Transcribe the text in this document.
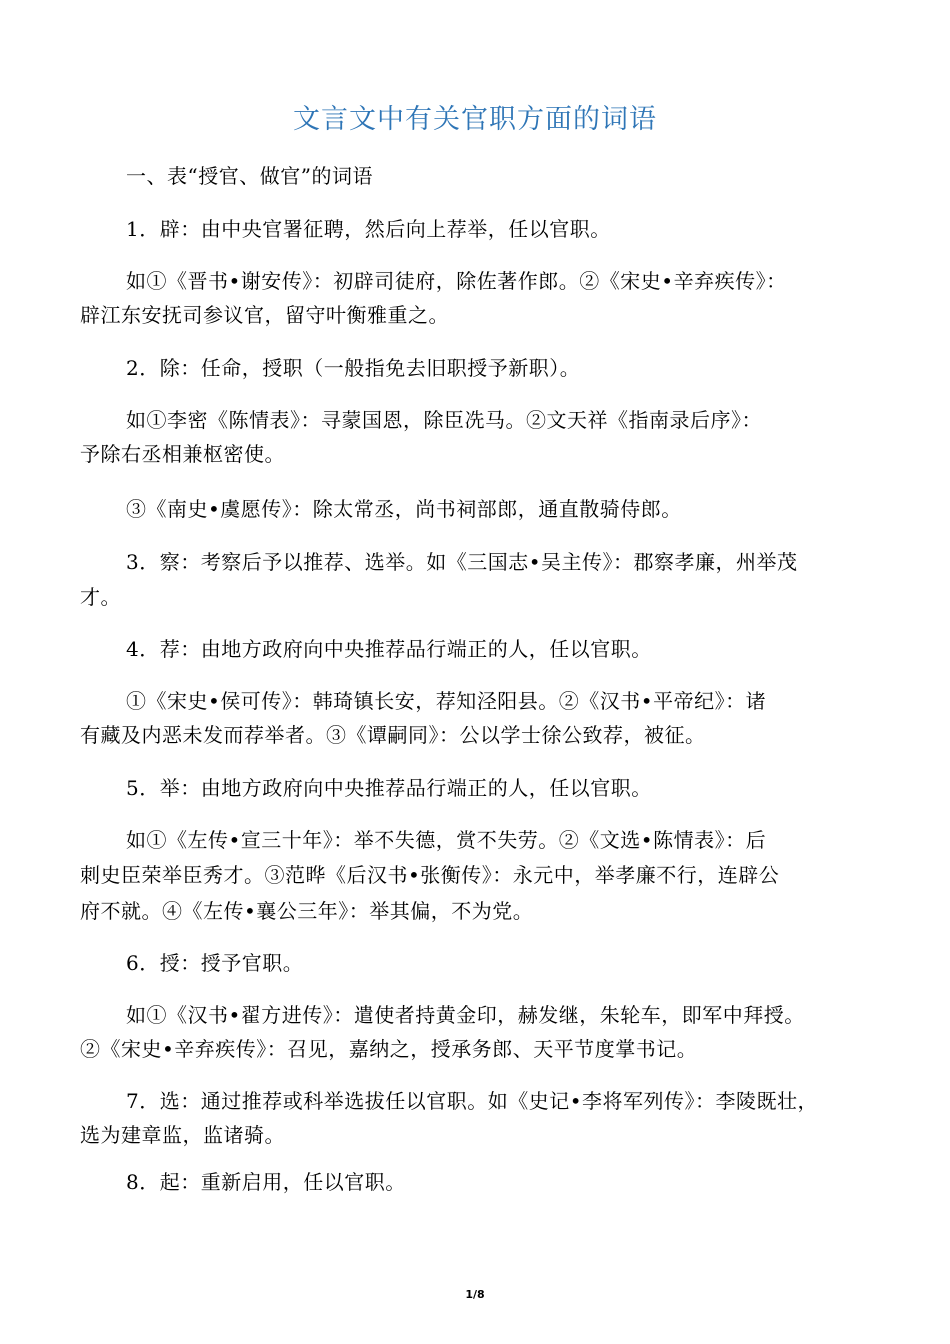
文言文中有关官职方面的词语
一、表“授官、做官”的词语
1．辟：由中央官署征聘，然后向上荐举，任以官职。
如①《晋书•谢安传》：初辟司徒府，除佐著作郎。②《宋史•辛弃疾传》：
辟江东安抚司参议官，留守叶衡雅重之。
2．除：任命，授职（一般指免去旧职授予新职）。
如①李密《陈情表》：寻蒙国恩，除臣冼马。②文天祥《指南录后序》：
予除右丞相兼枢密使。
③《南史•虞愿传》：除太常丞，尚书祠部郎，通直散骑侍郎。
3．察：考察后予以推荐、选举。如《三国志•吴主传》：郡察孝廉，州举茂
才。
4．荐：由地方政府向中央推荐品行端正的人，任以官职。
①《宋史•侯可传》：韩琦镇长安，荐知泾阳县。②《汉书•平帝纪》：诸
有藏及内恶未发而荐举者。③《谭嗣同》：公以学士徐公致荐，被征。
5．举：由地方政府向中央推荐品行端正的人，任以官职。
如①《左传•宣三十年》：举不失德，赏不失劳。②《文选•陈情表》：后
刺史臣荣举臣秀才。③范晔《后汉书•张衡传》：永元中，举孝廉不行，连辟公
府不就。④《左传•襄公三年》：举其偏，不为党。
6．授：授予官职。
如①《汉书•翟方进传》：遣使者持黄金印，赫发继，朱轮车，即军中拜授。
②《宋史•辛弃疾传》：召见，嘉纳之，授承务郎、天平节度掌书记。
7．选：通过推荐或科举选拔任以官职。如《史记•李将军列传》：李陵既壮，
选为建章监，监诸骑。
8．起：重新启用，任以官职。
1/8
